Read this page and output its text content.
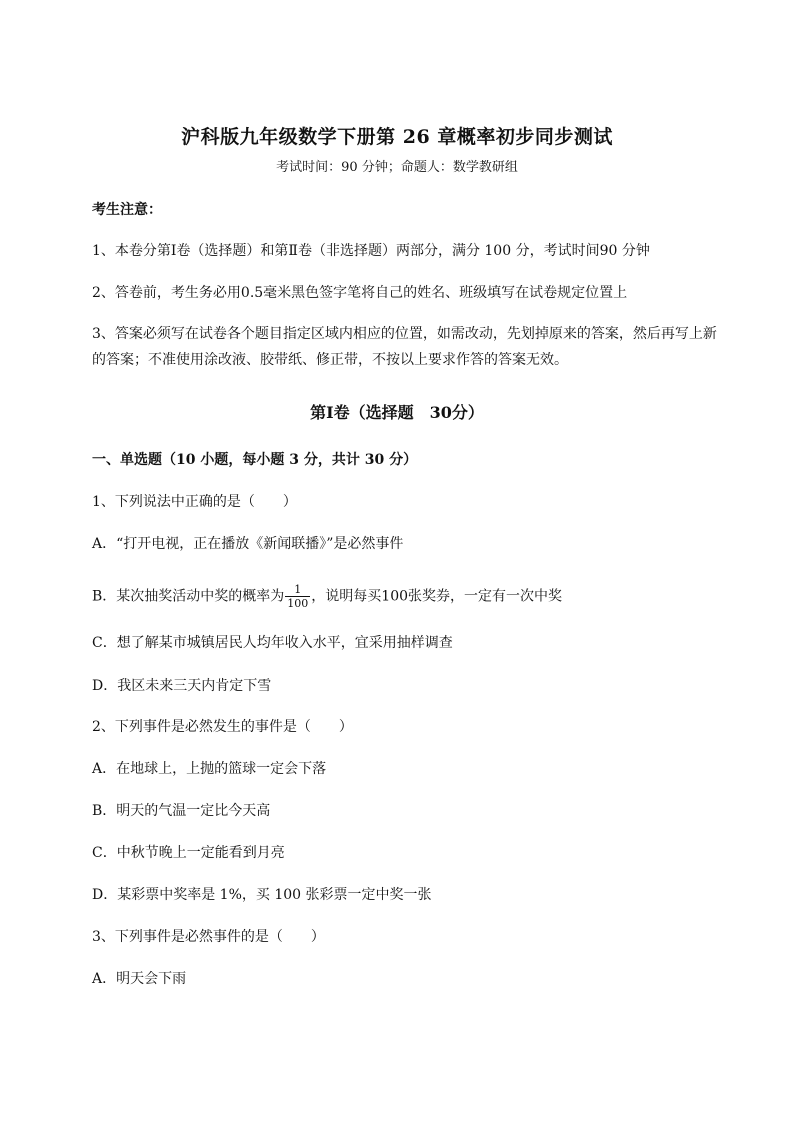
沪科版九年级数学下册第 26 章概率初步同步测试
考试时间：90 分钟；命题人：数学教研组
考生注意：
1、本卷分第Ⅰ卷（选择题）和第Ⅱ卷（非选择题）两部分，满分 100 分，考试时间90 分钟
2、答卷前，考生务必用0.5毫米黑色签字笔将自己的姓名、班级填写在试卷规定位置上
3、答案必须写在试卷各个题目指定区域内相应的位置，如需改动，先划掉原来的答案，然后再写上新
的答案；不准使用涂改液、胶带纸、修正带，不按以上要求作答的答案无效。
第Ⅰ卷（选择题　30分）
一、单选题（10 小题，每小题 3 分，共计 30 分）
1、下列说法中正确的是（　　）
A．“打开电视，正在播放《新闻联播》”是必然事件
B．某次抽奖活动中奖的概率为 $\frac{1}{100}$ ，说明每买100张奖券，一定有一次中奖
C．想了解某市城镇居民人均年收入水平，宜采用抽样调查
D．我区未来三天内肯定下雪
2、下列事件是必然发生的事件是（　　）
A．在地球上，上抛的篮球一定会下落
B．明天的气温一定比今天高
C．中秋节晚上一定能看到月亮
D．某彩票中奖率是 1%，买 100 张彩票一定中奖一张
3、下列事件是必然事件的是（　　）
A．明天会下雨
